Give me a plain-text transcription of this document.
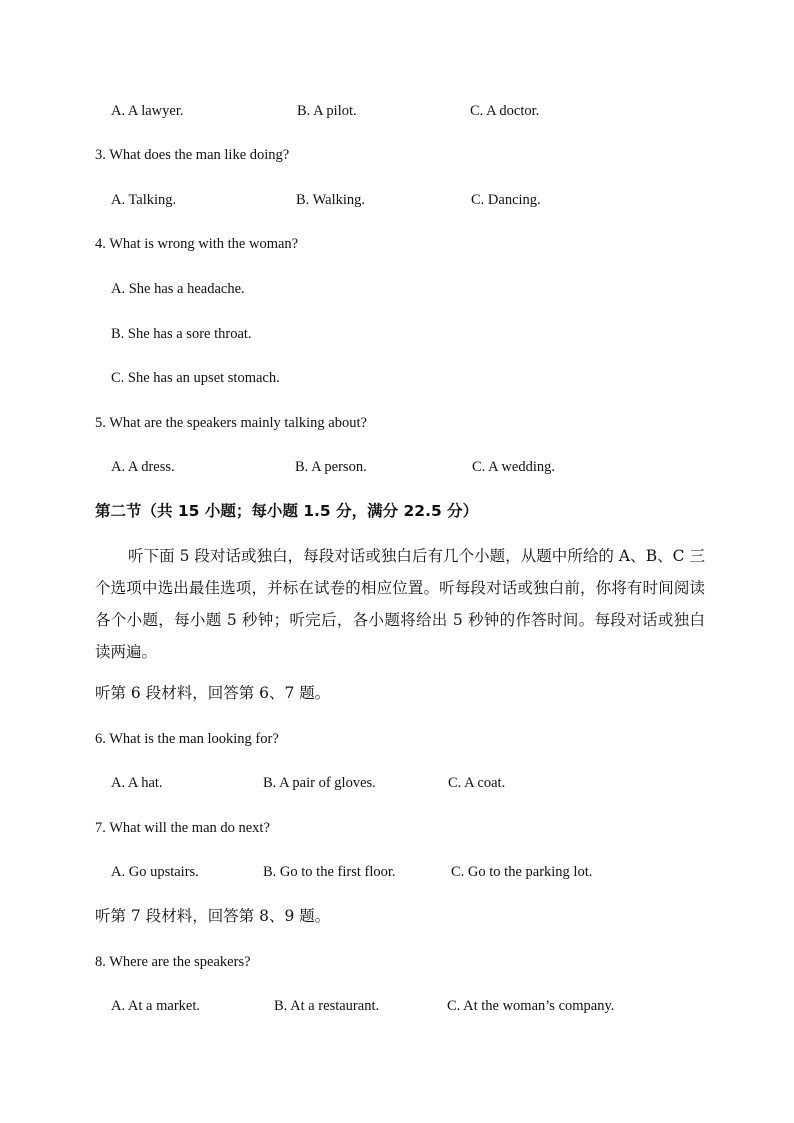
A. A lawyer.	B. A pilot.	C. A doctor.
3. What does the man like doing?
A. Talking.	B. Walking.	C. Dancing.
4. What is wrong with the woman?
A. She has a headache.
B. She has a sore throat.
C. She has an upset stomach.
5. What are the speakers mainly talking about?
A. A dress.	B. A person.	C. A wedding.
第二节（共 15 小题；每小题 1.5 分，满分 22.5 分）
听下面 5 段对话或独白，每段对话或独白后有几个小题，从题中所给的 A、B、C 三个选项中选出最佳选项，并标在试卷的相应位置。听每段对话或独白前，你将有时间阅读各个小题，每小题 5 秒钟；听完后，各小题将给出 5 秒钟的作答时间。每段对话或独白读两遍。
听第 6 段材料，回答第 6、7 题。
6. What is the man looking for?
A. A hat.	B. A pair of gloves.	C. A coat.
7. What will the man do next?
A. Go upstairs.	B. Go to the first floor.	C. Go to the parking lot.
听第 7 段材料，回答第 8、9 题。
8. Where are the speakers?
A. At a market.	B. At a restaurant.	C. At the woman’s company.
